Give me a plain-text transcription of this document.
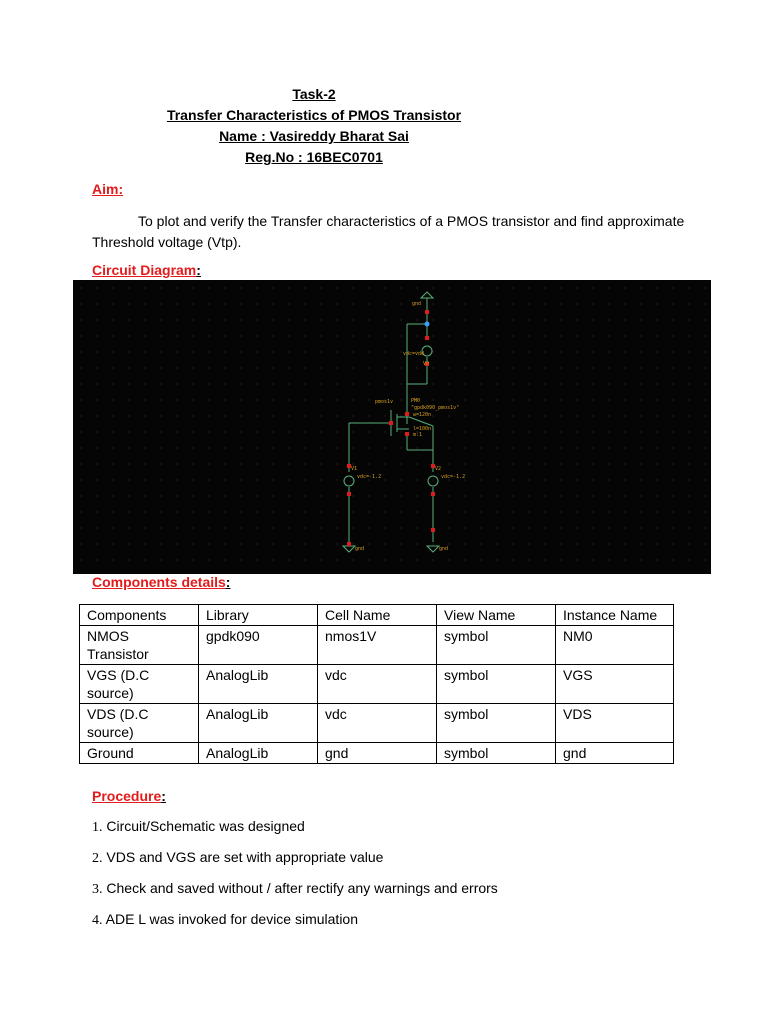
Task-2
Transfer Characteristics of PMOS Transistor
Name : Vasireddy Bharat Sai
Reg.No : 16BEC0701
Aim:
To plot and verify the Transfer characteristics of a PMOS transistor and find approximate Threshold voltage (Vtp).
Circuit Diagram:
gnd
vdc=vdd
V0
pmos1v	PM0
"gpdk090_pmos1v"
w=120n
l=100n
m:1
V1
vdc=-1.2
V2
vdc=-1.2
gnd	gnd
Components details:
Components	Library	Cell Name	View Name	Instance Name
NMOS Transistor	gpdk090	nmos1V	symbol	NM0
VGS (D.C source)	AnalogLib	vdc	symbol	VGS
VDS (D.C source)	AnalogLib	vdc	symbol	VDS
Ground	AnalogLib	gnd	symbol	gnd
Procedure:
1. Circuit/Schematic was designed
2. VDS and VGS are set with appropriate value
3. Check and saved without / after rectify any warnings and errors
4. ADE L was invoked for device simulation
